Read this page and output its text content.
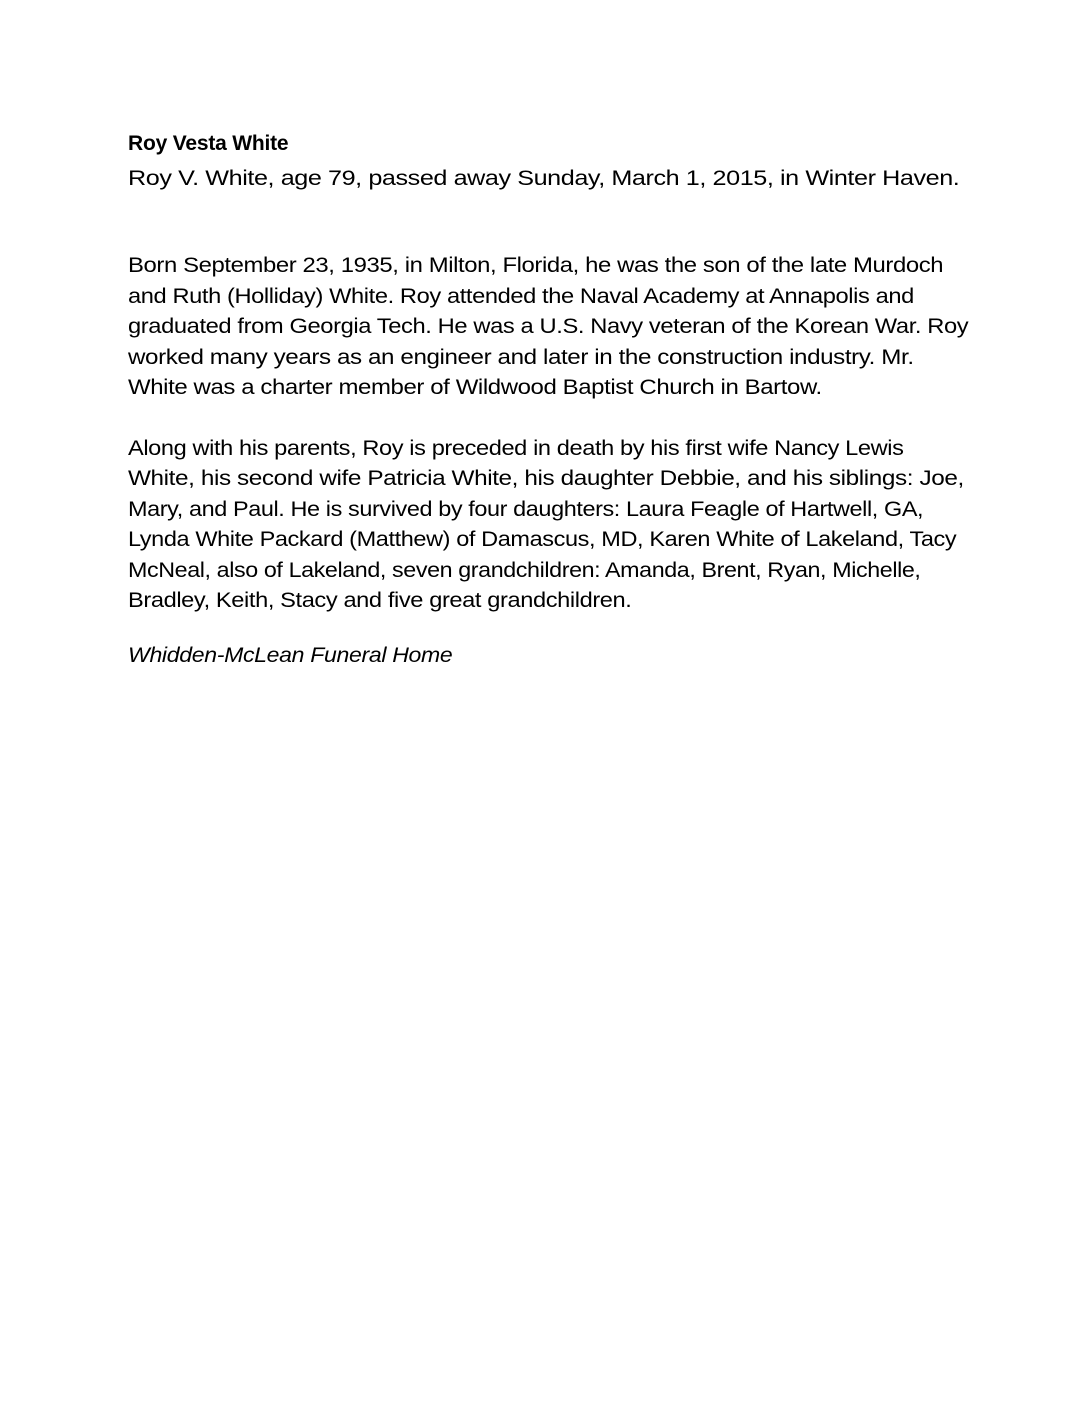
Roy Vesta White
Roy V. White, age 79, passed away Sunday, March 1, 2015, in Winter Haven.
Born September 23, 1935, in Milton, Florida, he was the son of the late Murdoch
and Ruth (Holliday) White. Roy attended the Naval Academy at Annapolis and
graduated from Georgia Tech. He was a U.S. Navy veteran of the Korean War. Roy
worked many years as an engineer and later in the construction industry. Mr.
White was a charter member of Wildwood Baptist Church in Bartow.
Along with his parents, Roy is preceded in death by his first wife Nancy Lewis
White, his second wife Patricia White, his daughter Debbie, and his siblings: Joe,
Mary, and Paul. He is survived by four daughters: Laura Feagle of Hartwell, GA,
Lynda White Packard (Matthew) of Damascus, MD, Karen White of Lakeland, Tacy
McNeal, also of Lakeland, seven grandchildren: Amanda, Brent, Ryan, Michelle,
Bradley, Keith, Stacy and five great grandchildren.
Whidden-McLean Funeral Home
